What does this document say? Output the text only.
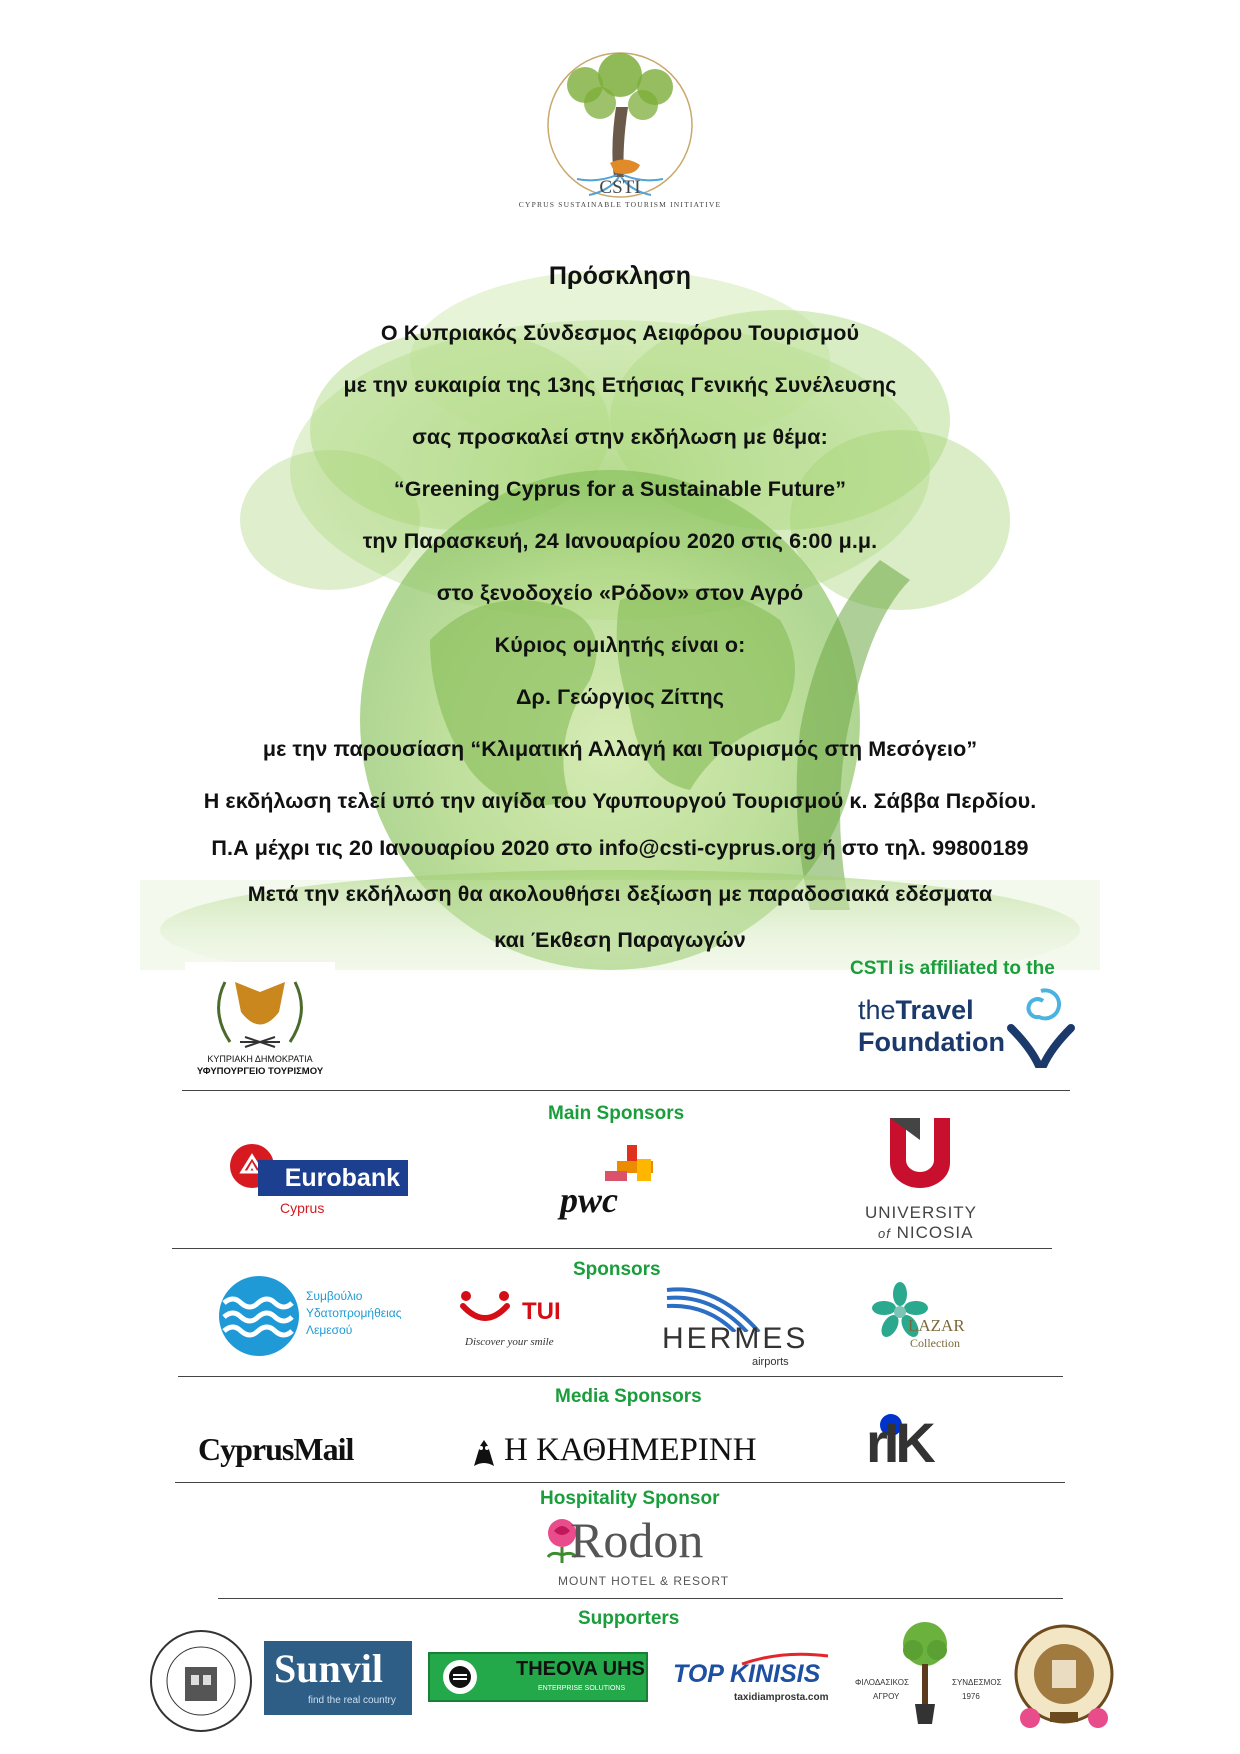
CSTI
CYPRUS SUSTAINABLE TOURISM INITIATIVE
Πρόσκληση
Ο Κυπριακός Σύνδεσμος Αειφόρου Τουρισμού
με την ευκαιρία της 13ης Ετήσιας Γενικής Συνέλευσης
σας προσκαλεί στην εκδήλωση με θέμα:
“Greening Cyprus for a Sustainable Future”
την Παρασκευή, 24 Ιανουαρίου 2020 στις 6:00 μ.μ.
στο ξενοδοχείο «Ρόδον» στον Αγρό
Κύριος ομιλητής είναι ο:
Δρ. Γεώργιος Ζίττης
με την παρουσίαση “Κλιματική Αλλαγή και Τουρισμός στη Μεσόγειο”
Η εκδήλωση τελεί υπό την αιγίδα του Υφυπουργού Τουρισμού κ. Σάββα Περδίου.
Π.Α μέχρι τις 20 Ιανουαρίου 2020 στο info@csti-cyprus.org ή στο τηλ. 99800189
Μετά την εκδήλωση θα ακολουθήσει δεξίωση με παραδοσιακά εδέσματα
και Έκθεση Παραγωγών
ΚΥΠΡΙΑΚΗ ΔΗΜΟΚΡΑΤΙΑ
ΥΦΥΠΟΥΡΓΕΙΟ ΤΟΥΡΙΣΜΟΥ
CSTI is affiliated to the
theTravel
Foundation
Main Sponsors
Eurobank
Cyprus	pwc	UNIVERSITY
of NICOSIA
Sponsors
Συμβούλιο
Υδατοπρομήθειας
Λεμεσού
TUI
Discover your smile	HERMES
airports
LAZAR
Collection
Media Sponsors
CyprusMail	Η ΚΑΘΗΜΕΡΙΝΗ rIK
Hospitality Sponsor
Rodon
MOUNT HOTEL & RESORT
Supporters
Sunvil
find the real country
THEOVA UHS
ENTERPRISE SOLUTIONS
TOP KINISIS
taxidiamprosta.com
ΦΙΛΟΔΑΣΙΚΟΣ	ΣΥΝΔΕΣΜΟΣ
ΑΓΡΟΥ	1976
